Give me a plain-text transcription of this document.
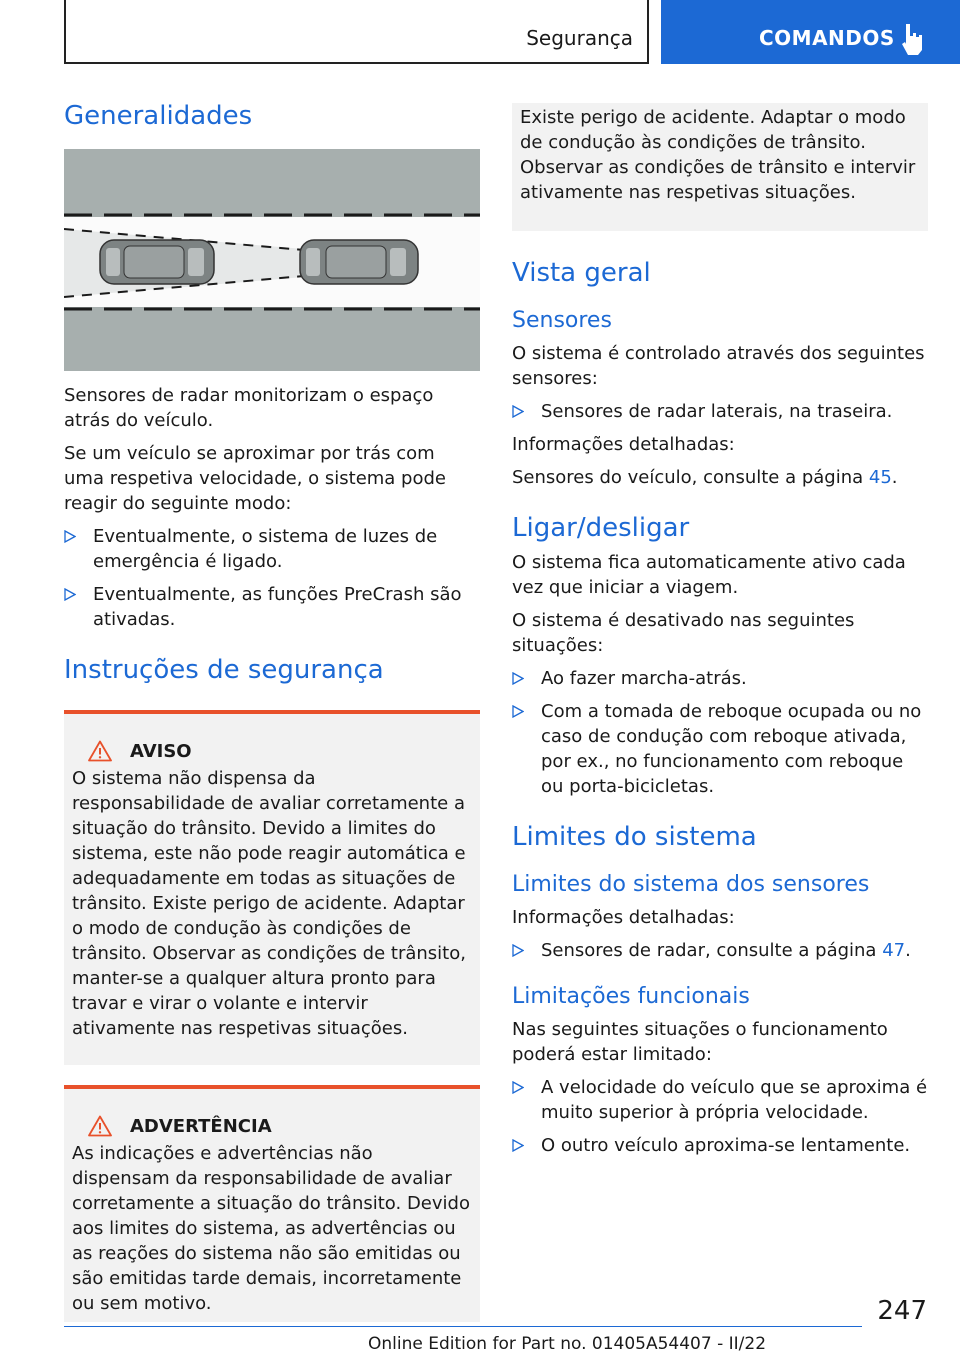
Segurança	COMANDOS
Generalidades

Sensores de radar monitorizam o espaço atrás do veículo.

Se um veículo se aproximar por trás com uma respetiva velocidade, o sistema pode reagir do seguinte modo:

Eventualmente, o sistema de luzes de emergência é ligado.
Eventualmente, as funções PreCrash são ativadas.
Instruções de segurança
AVISO

O sistema não dispensa da responsabilidade de avaliar corretamente a situação do trânsito. Devido a limites do sistema, este não pode reagir automática e adequadamente em todas as situações de trânsito. Existe perigo de acidente. Adaptar o modo de condução às condições de trânsito. Observar as condições de trânsito, manter-se a qualquer altura pronto para travar e virar o volante e intervir ativamente nas respetivas situações.

ADVERTÊNCIA

As indicações e advertências não dispensam da responsabilidade de avaliar corretamente a situação do trânsito. Devido aos limites do sistema, as advertências ou as reações do sistema não são emitidas ou são emitidas tarde demais, incorretamente ou sem motivo.

Existe perigo de acidente. Adaptar o modo de condução às condições de trânsito. Observar as condições de trânsito e intervir ativamente nas respetivas situações.

Vista geral
Sensores

O sistema é controlado através dos seguintes sensores:

Sensores de radar laterais, na traseira.

Informações detalhadas:

Sensores do veículo, consulte a página 45.

Ligar/desligar

O sistema fica automaticamente ativo cada vez que iniciar a viagem.

O sistema é desativado nas seguintes situações:

Ao fazer marcha-atrás.
Com a tomada de reboque ocupada ou no caso de condução com reboque ativada, por ex., no funcionamento com reboque ou porta-bicicletas.
Limites do sistema
Limites do sistema dos sensores

Informações detalhadas:

Sensores de radar, consulte a página 47.
Limitações funcionais

Nas seguintes situações o funcionamento poderá estar limitado:

A velocidade do veículo que se aproxima é muito superior à própria velocidade.
O outro veículo aproxima-se lentamente.
247
Online Edition for Part no. 01405A54407 - II/22
